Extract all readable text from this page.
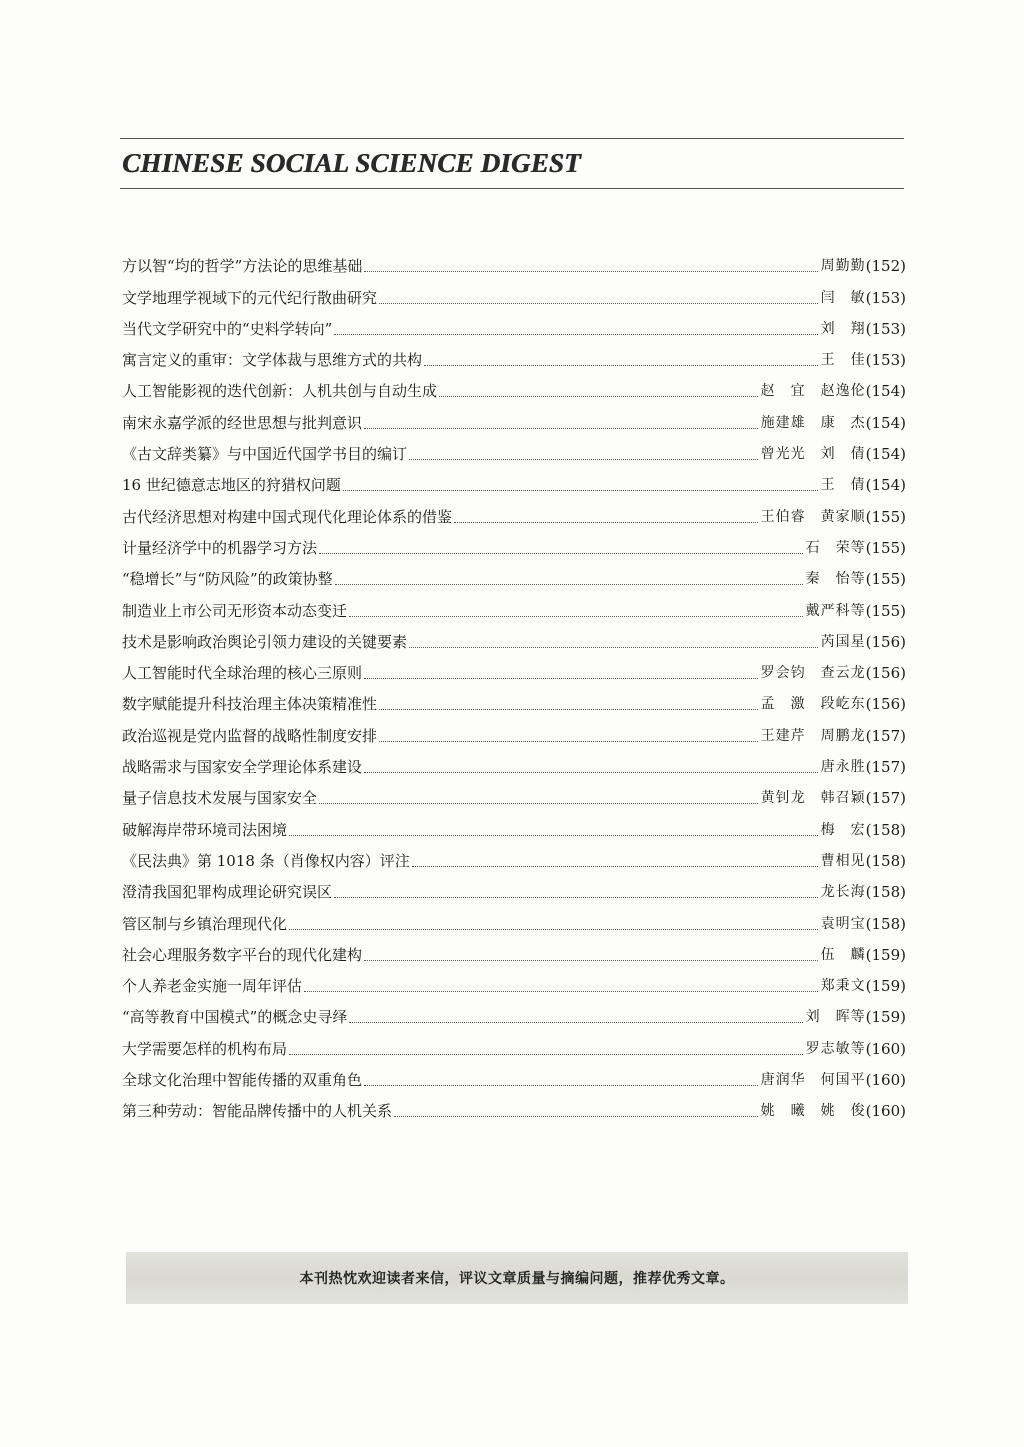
CHINESE SOCIAL SCIENCE DIGEST
方以智“均的哲学”方法论的思维基础	周勤勤 (152)
文学地理学视域下的元代纪行散曲研究	闫　敏 (153)
当代文学研究中的“史料学转向”	刘　翔 (153)
寓言定义的重审：文学体裁与思维方式的共构	王　佳 (153)
人工智能影视的迭代创新：人机共创与自动生成	赵　宜　赵逸伦 (154)
南宋永嘉学派的经世思想与批判意识	施建雄　康　杰 (154)
《古文辞类纂》与中国近代国学书目的编订	曾光光　刘　倩 (154)
16 世纪德意志地区的狩猎权问题	王　倩 (154)
古代经济思想对构建中国式现代化理论体系的借鉴	王伯睿　黄家顺 (155)
计量经济学中的机器学习方法	石　荣等 (155)
“稳增长”与“防风险”的政策协整	秦　怡等 (155)
制造业上市公司无形资本动态变迁	戴严科等 (155)
技术是影响政治舆论引领力建设的关键要素	芮国星 (156)
人工智能时代全球治理的核心三原则	罗会钧　查云龙 (156)
数字赋能提升科技治理主体决策精准性	孟　激　段屹东 (156)
政治巡视是党内监督的战略性制度安排	王建芹　周鹏龙 (157)
战略需求与国家安全学理论体系建设	唐永胜 (157)
量子信息技术发展与国家安全	黄钊龙　韩召颖 (157)
破解海岸带环境司法困境	梅　宏 (158)
《民法典》第 1018 条（肖像权内容）评注	曹相见 (158)
澄清我国犯罪构成理论研究误区	龙长海 (158)
管区制与乡镇治理现代化	袁明宝 (158)
社会心理服务数字平台的现代化建构	伍　麟 (159)
个人养老金实施一周年评估	郑秉文 (159)
“高等教育中国模式”的概念史寻绎	刘　晖等 (159)
大学需要怎样的机构布局	罗志敏等 (160)
全球文化治理中智能传播的双重角色	唐润华　何国平 (160)
第三种劳动：智能品牌传播中的人机关系	姚　曦　姚　俊 (160)
本刊热忱欢迎读者来信，评议文章质量与摘编问题，推荐优秀文章。
